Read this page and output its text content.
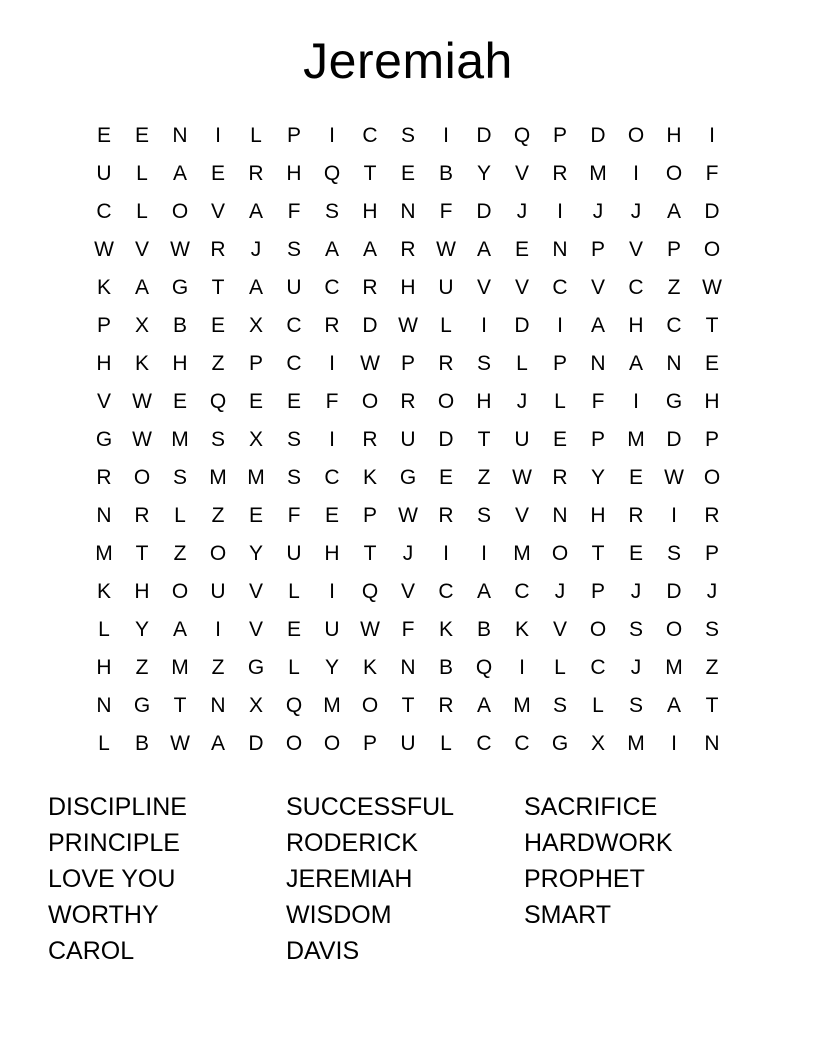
Jeremiah
E	E	N	I	L	P	I	C	S	I	D	Q	P	D	O	H	I
U	L	A	E	R	H	Q	T	E	B	Y	V	R	M	I	O	F
C	L	O	V	A	F	S	H	N	F	D	J	I	J	J	A	D
W	V	W	R	J	S	A	A	R	W	A	E	N	P	V	P	O
K	A	G	T	A	U	C	R	H	U	V	V	C	V	C	Z	W
P	X	B	E	X	C	R	D	W	L	I	D	I	A	H	C	T
H	K	H	Z	P	C	I	W	P	R	S	L	P	N	A	N	E
V	W	E	Q	E	E	F	O	R	O	H	J	L	F	I	G	H
G	W	M	S	X	S	I	R	U	D	T	U	E	P	M	D	P
R	O	S	M	M	S	C	K	G	E	Z	W	R	Y	E	W	O
N	R	L	Z	E	F	E	P	W	R	S	V	N	H	R	I	R
M	T	Z	O	Y	U	H	T	J	I	I	M	O	T	E	S	P
K	H	O	U	V	L	I	Q	V	C	A	C	J	P	J	D	J
L	Y	A	I	V	E	U	W	F	K	B	K	V	O	S	O	S
H	Z	M	Z	G	L	Y	K	N	B	Q	I	L	C	J	M	Z
N	G	T	N	X	Q	M	O	T	R	A	M	S	L	S	A	T
L	B	W	A	D	O	O	P	U	L	C	C	G	X	M	I	N
DISCIPLINE
PRINCIPLE
LOVE YOU
WORTHY
CAROL
SUCCESSFUL
RODERICK
JEREMIAH
WISDOM
DAVIS
SACRIFICE
HARDWORK
PROPHET
SMART
